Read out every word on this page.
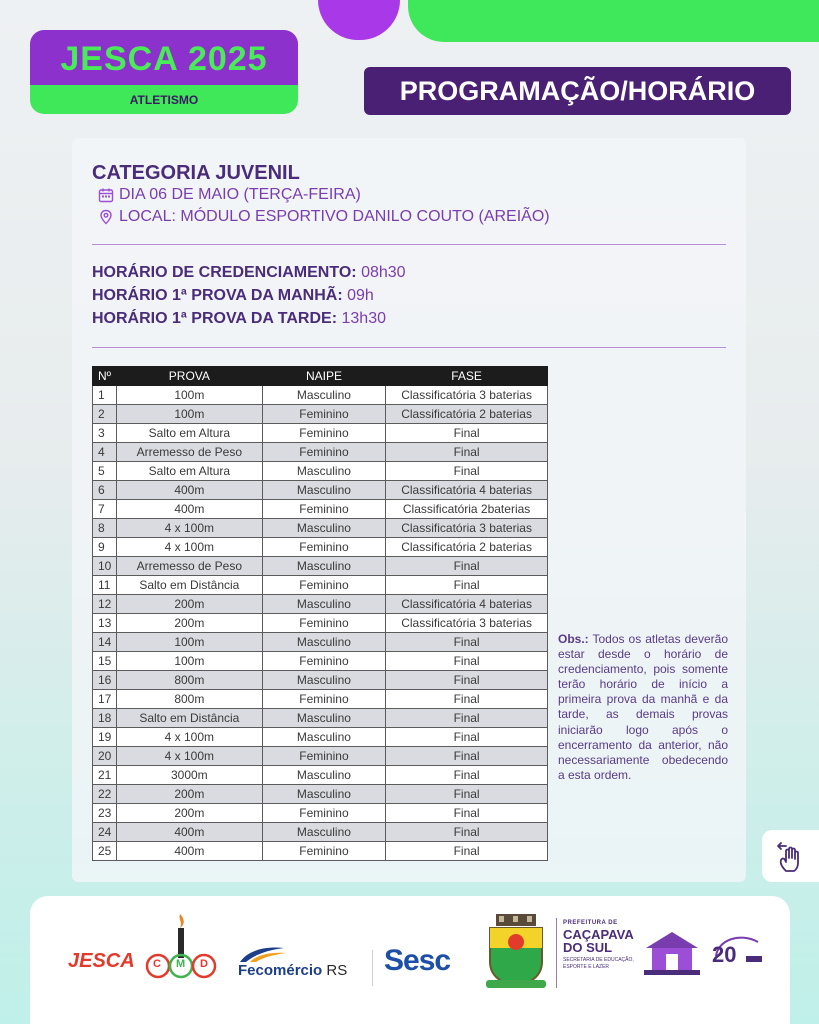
JESCA 2025
ATLETISMO	PROGRAMAÇÃO/HORÁRIO
CATEGORIA JUVENIL
DIA 06 DE MAIO (TERÇA-FEIRA)
LOCAL: MÓDULO ESPORTIVO DANILO COUTO (AREIÃO)
HORÁRIO DE CREDENCIAMENTO: 08h30
HORÁRIO 1ª PROVA DA MANHÃ: 09h
HORÁRIO 1ª PROVA DA TARDE: 13h30
Nº	PROVA	NAIPE	FASE
1	100m	Masculino	Classificatória 3 baterias
2	100m	Feminino	Classificatória 2 baterias
3	Salto em Altura	Feminino	Final
4	Arremesso de Peso	Feminino	Final
5	Salto em Altura	Masculino	Final
6	400m	Masculino	Classificatória 4 baterias
7	400m	Feminino	Classificatória 2baterias
8	4 x 100m	Masculino	Classificatória 3 baterias
9	4 x 100m	Feminino	Classificatória 2 baterias
10	Arremesso de Peso	Masculino	Final
11	Salto em Distância	Feminino	Final
12	200m	Masculino	Classificatória 4 baterias
13	200m	Feminino	Classificatória 3 baterias
14	100m	Masculino	Final
15	100m	Feminino	Final
16	800m	Masculino	Final
17	800m	Feminino	Final
18	Salto em Distância	Masculino	Final
19	4 x 100m	Masculino	Final
20	4 x 100m	Feminino	Final
21	3000m	Masculino	Final
22	200m	Masculino	Final
23	200m	Feminino	Final
24	400m	Masculino	Final
25	400m	Feminino	Final
Obs.: Todos os atletas deverão estar desde o horário de credenciamento, pois somente terão horário de início a primeira prova da manhã e da tarde, as demais provas iniciarão logo após o encerramento da anterior, não necessariamente obedecendo a esta ordem.
JESCA C M D Fecomércio RS Sesc
PREFEITURA DE
CAÇAPAVA DO SUL
SECRETARIA DE EDUCAÇÃO, ESPORTE E LAZER	20
